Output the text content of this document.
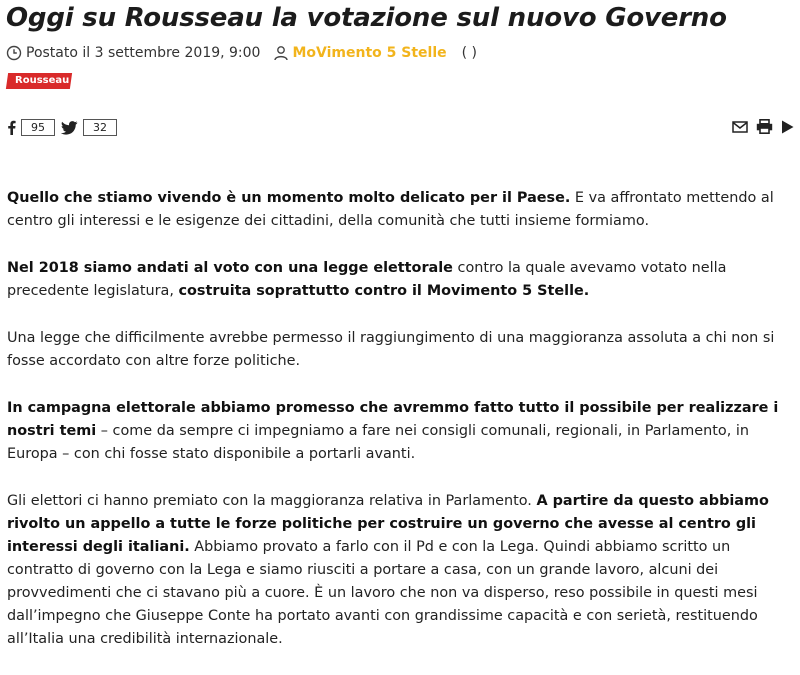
Oggi su Rousseau la votazione sul nuovo Governo
Postato il 3 settembre 2019, 9:00 MoVimento 5 Stelle ( )
Rousseau
95	32

Quello che stiamo vivendo è un momento molto delicato per il Paese. E va affrontato mettendo al centro gli interessi e le esigenze dei cittadini, della comunità che tutti insieme formiamo.

Nel 2018 siamo andati al voto con una legge elettorale contro la quale avevamo votato nella precedente legislatura, costruita soprattutto contro il Movimento 5 Stelle.

Una legge che difficilmente avrebbe permesso il raggiungimento di una maggioranza assoluta a chi non si fosse accordato con altre forze politiche.

In campagna elettorale abbiamo promesso che avremmo fatto tutto il possibile per realizzare i nostri temi – come da sempre ci impegniamo a fare nei consigli comunali, regionali, in Parlamento, in Europa – con chi fosse stato disponibile a portarli avanti.

Gli elettori ci hanno premiato con la maggioranza relativa in Parlamento. A partire da questo abbiamo rivolto un appello a tutte le forze politiche per costruire un governo che avesse al centro gli interessi degli italiani. Abbiamo provato a farlo con il Pd e con la Lega. Quindi abbiamo scritto un contratto di governo con la Lega e siamo riusciti a portare a casa, con un grande lavoro, alcuni dei provvedimenti che ci stavano più a cuore. È un lavoro che non va disperso, reso possibile in questi mesi dall’impegno che Giuseppe Conte ha portato avanti con grandissime capacità e con serietà, restituendo all’Italia una credibilità internazionale.
